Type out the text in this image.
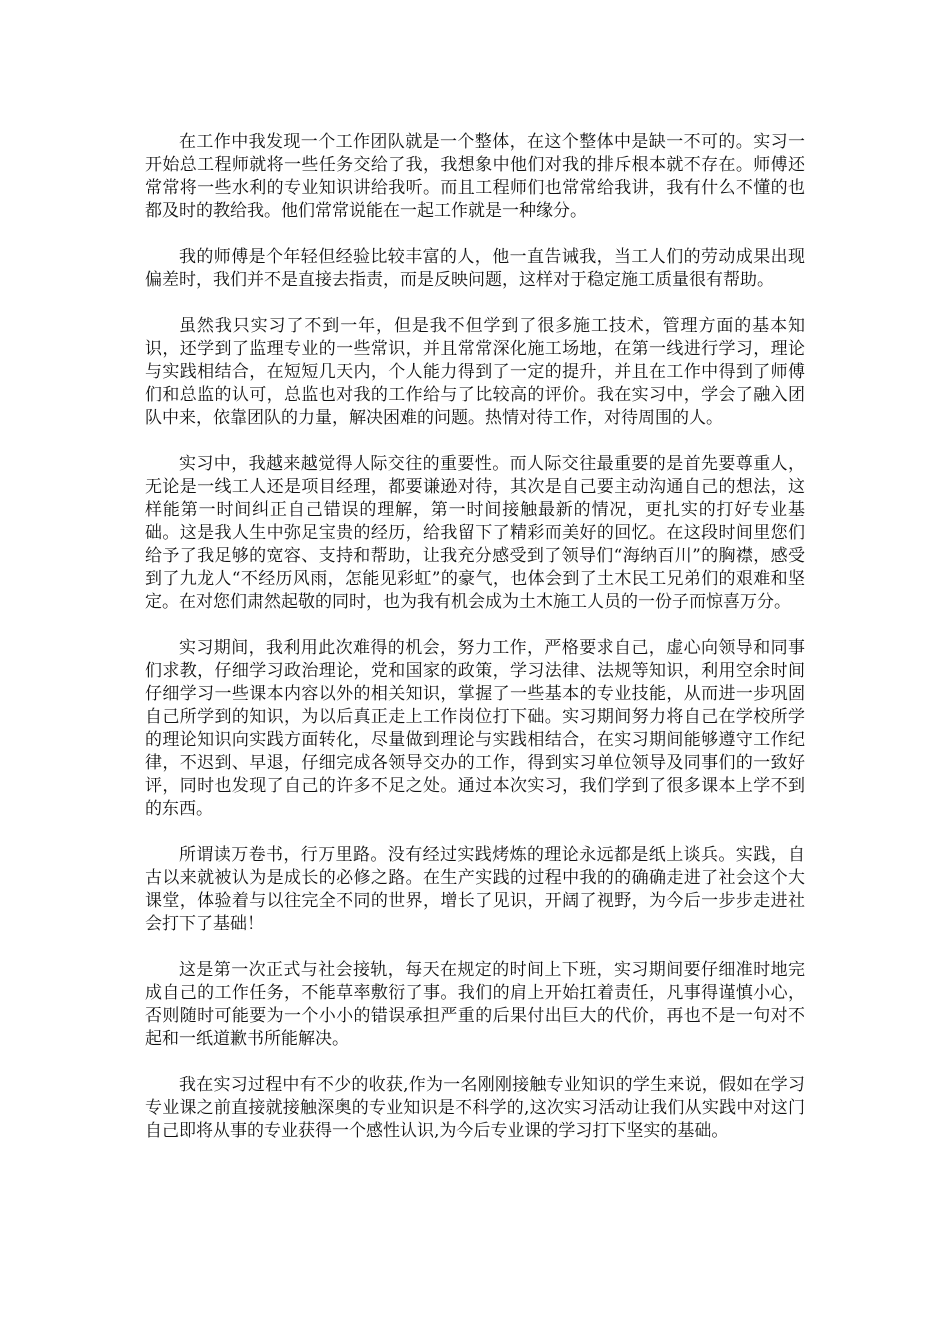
在工作中我发现一个工作团队就是一个整体，在这个整体中是缺一不可的。实习一开始总工程师就将一些任务交给了我，我想象中他们对我的排斥根本就不存在。师傅还常常将一些水利的专业知识讲给我听。而且工程师们也常常给我讲，我有什么不懂的也都及时的教给我。他们常常说能在一起工作就是一种缘分。

我的师傅是个年轻但经验比较丰富的人，他一直告诫我，当工人们的劳动成果出现偏差时，我们并不是直接去指责，而是反映问题，这样对于稳定施工质量很有帮助。

虽然我只实习了不到一年，但是我不但学到了很多施工技术，管理方面的基本知识，还学到了监理专业的一些常识，并且常常深化施工场地，在第一线进行学习，理论与实践相结合，在短短几天内，个人能力得到了一定的提升，并且在工作中得到了师傅们和总监的认可，总监也对我的工作给与了比较高的评价。我在实习中，学会了融入团队中来，依靠团队的力量，解决困难的问题。热情对待工作，对待周围的人。

实习中，我越来越觉得人际交往的重要性。而人际交往最重要的是首先要尊重人，无论是一线工人还是项目经理，都要谦逊对待，其次是自己要主动沟通自己的想法，这样能第一时间纠正自己错误的理解，第一时间接触最新的情况，更扎实的打好专业基础。这是我人生中弥足宝贵的经历，给我留下了精彩而美好的回忆。在这段时间里您们给予了我足够的宽容、支持和帮助，让我充分感受到了领导们“海纳百川”的胸襟，感受到了九龙人“不经历风雨，怎能见彩虹”的豪气，也体会到了土木民工兄弟们的艰难和坚定。在对您们肃然起敬的同时，也为我有机会成为土木施工人员的一份子而惊喜万分。

实习期间，我利用此次难得的机会，努力工作，严格要求自己，虚心向领导和同事们求教，仔细学习政治理论，党和国家的政策，学习法律、法规等知识，利用空余时间仔细学习一些课本内容以外的相关知识，掌握了一些基本的专业技能，从而进一步巩固自己所学到的知识，为以后真正走上工作岗位打下础。实习期间努力将自己在学校所学的理论知识向实践方面转化，尽量做到理论与实践相结合，在实习期间能够遵守工作纪律，不迟到、早退，仔细完成各领导交办的工作，得到实习单位领导及同事们的一致好评，同时也发现了自己的许多不足之处。通过本次实习，我们学到了很多课本上学不到的东西。

所谓读万卷书，行万里路。没有经过实践烤炼的理论永远都是纸上谈兵。实践，自古以来就被认为是成长的必修之路。在生产实践的过程中我的的确确走进了社会这个大课堂，体验着与以往完全不同的世界，增长了见识，开阔了视野，为今后一步步走进社会打下了基础！

这是第一次正式与社会接轨，每天在规定的时间上下班，实习期间要仔细准时地完成自己的工作任务，不能草率敷衍了事。我们的肩上开始扛着责任，凡事得谨慎小心，否则随时可能要为一个小小的错误承担严重的后果付出巨大的代价，再也不是一句对不起和一纸道歉书所能解决。

我在实习过程中有不少的收获,作为一名刚刚接触专业知识的学生来说，假如在学习专业课之前直接就接触深奥的专业知识是不科学的,这次实习活动让我们从实践中对这门自己即将从事的专业获得一个感性认识,为今后专业课的学习打下坚实的基础。
